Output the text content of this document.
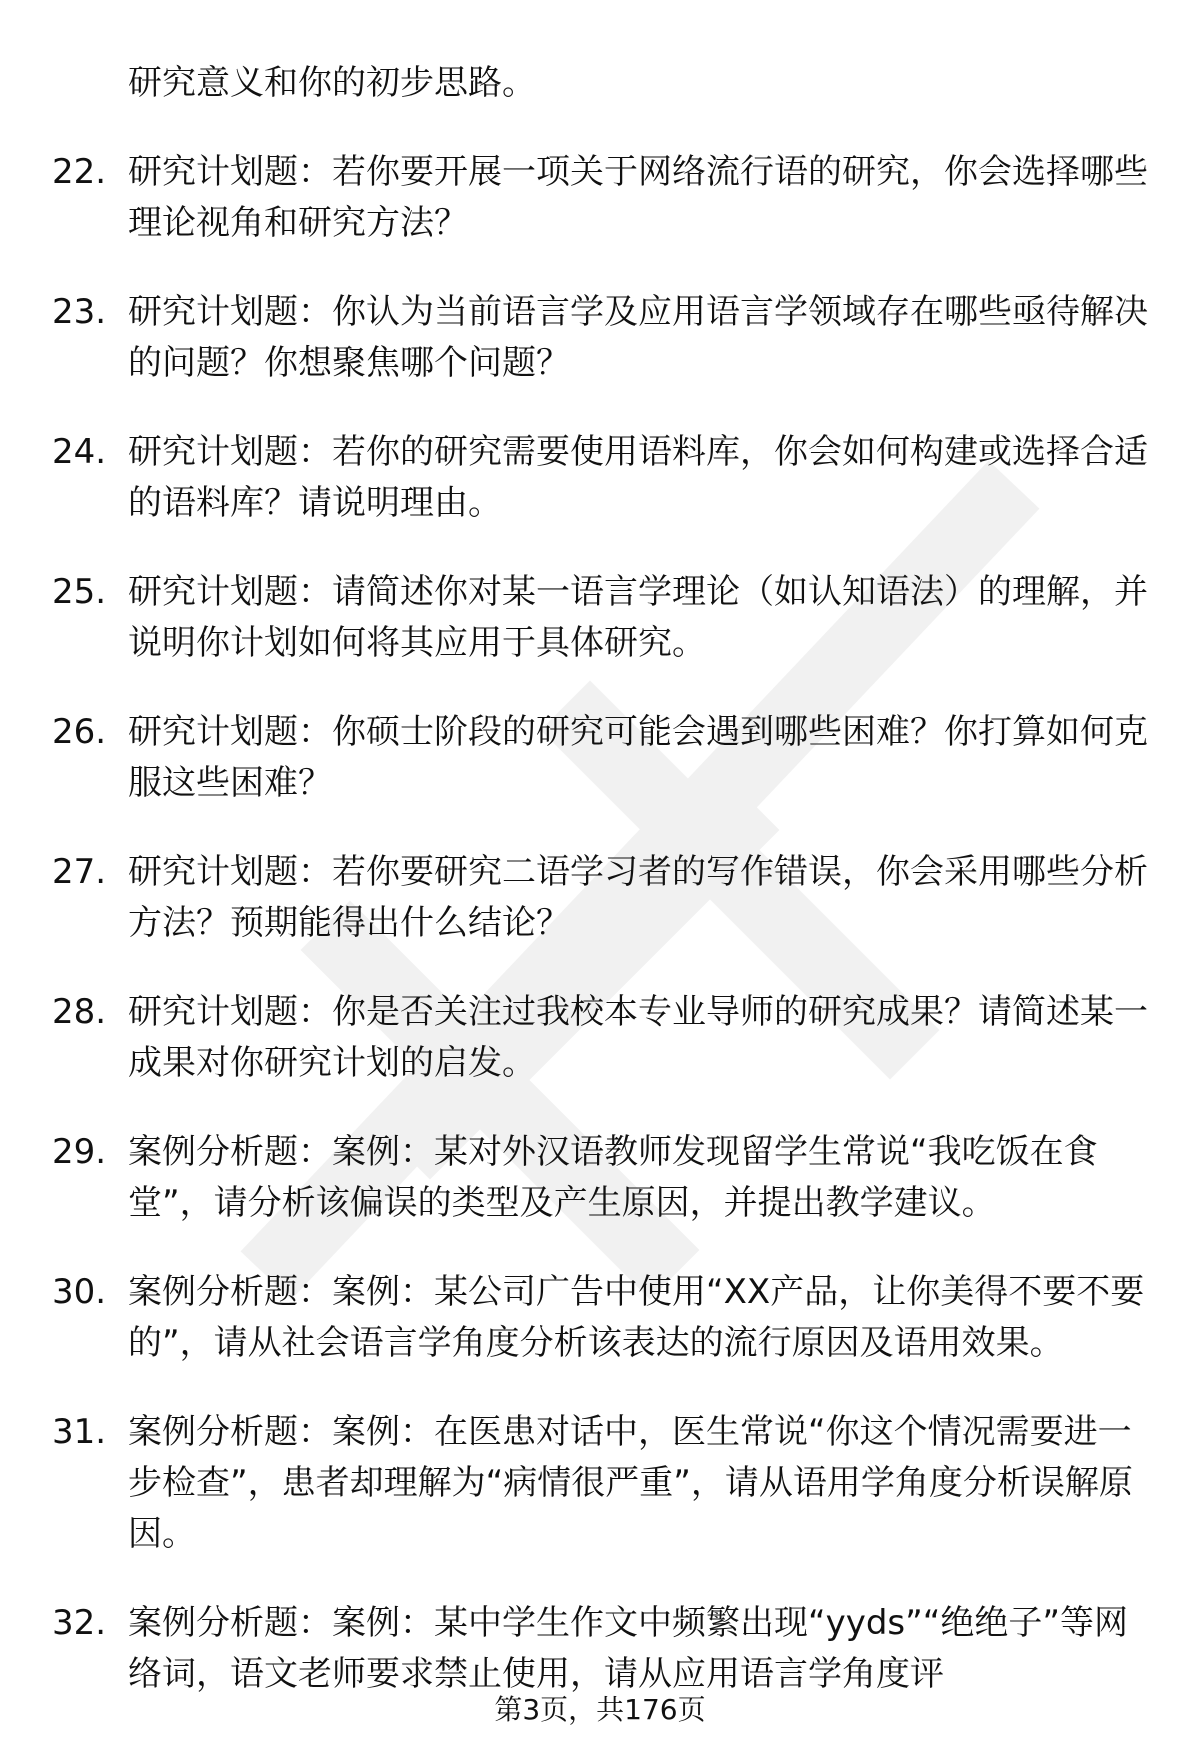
研究意义和你的初步思路。
22. 研究计划题：若你要开展一项关于网络流行语的研究，你会选择哪些理论视角和研究方法？
23. 研究计划题：你认为当前语言学及应用语言学领域存在哪些亟待解决的问题？你想聚焦哪个问题？
24. 研究计划题：若你的研究需要使用语料库，你会如何构建或选择合适的语料库？请说明理由。
25. 研究计划题：请简述你对某一语言学理论（如认知语法）的理解，并说明你计划如何将其应用于具体研究。
26. 研究计划题：你硕士阶段的研究可能会遇到哪些困难？你打算如何克服这些困难？
27. 研究计划题：若你要研究二语学习者的写作错误，你会采用哪些分析方法？预期能得出什么结论？
28. 研究计划题：你是否关注过我校本专业导师的研究成果？请简述某一成果对你研究计划的启发。
29. 案例分析题：案例：某对外汉语教师发现留学生常说“我吃饭在食堂”，请分析该偏误的类型及产生原因，并提出教学建议。
30. 案例分析题：案例：某公司广告中使用“XX产品，让你美得不要不要的”，请从社会语言学角度分析该表达的流行原因及语用效果。
31. 案例分析题：案例：在医患对话中，医生常说“你这个情况需要进一步检查”，患者却理解为“病情很严重”，请从语用学角度分析误解原因。
32. 案例分析题：案例：某中学生作文中频繁出现“yyds”“绝绝子”等网络词，语文老师要求禁止使用，请从应用语言学角度评
第3页，共176页
